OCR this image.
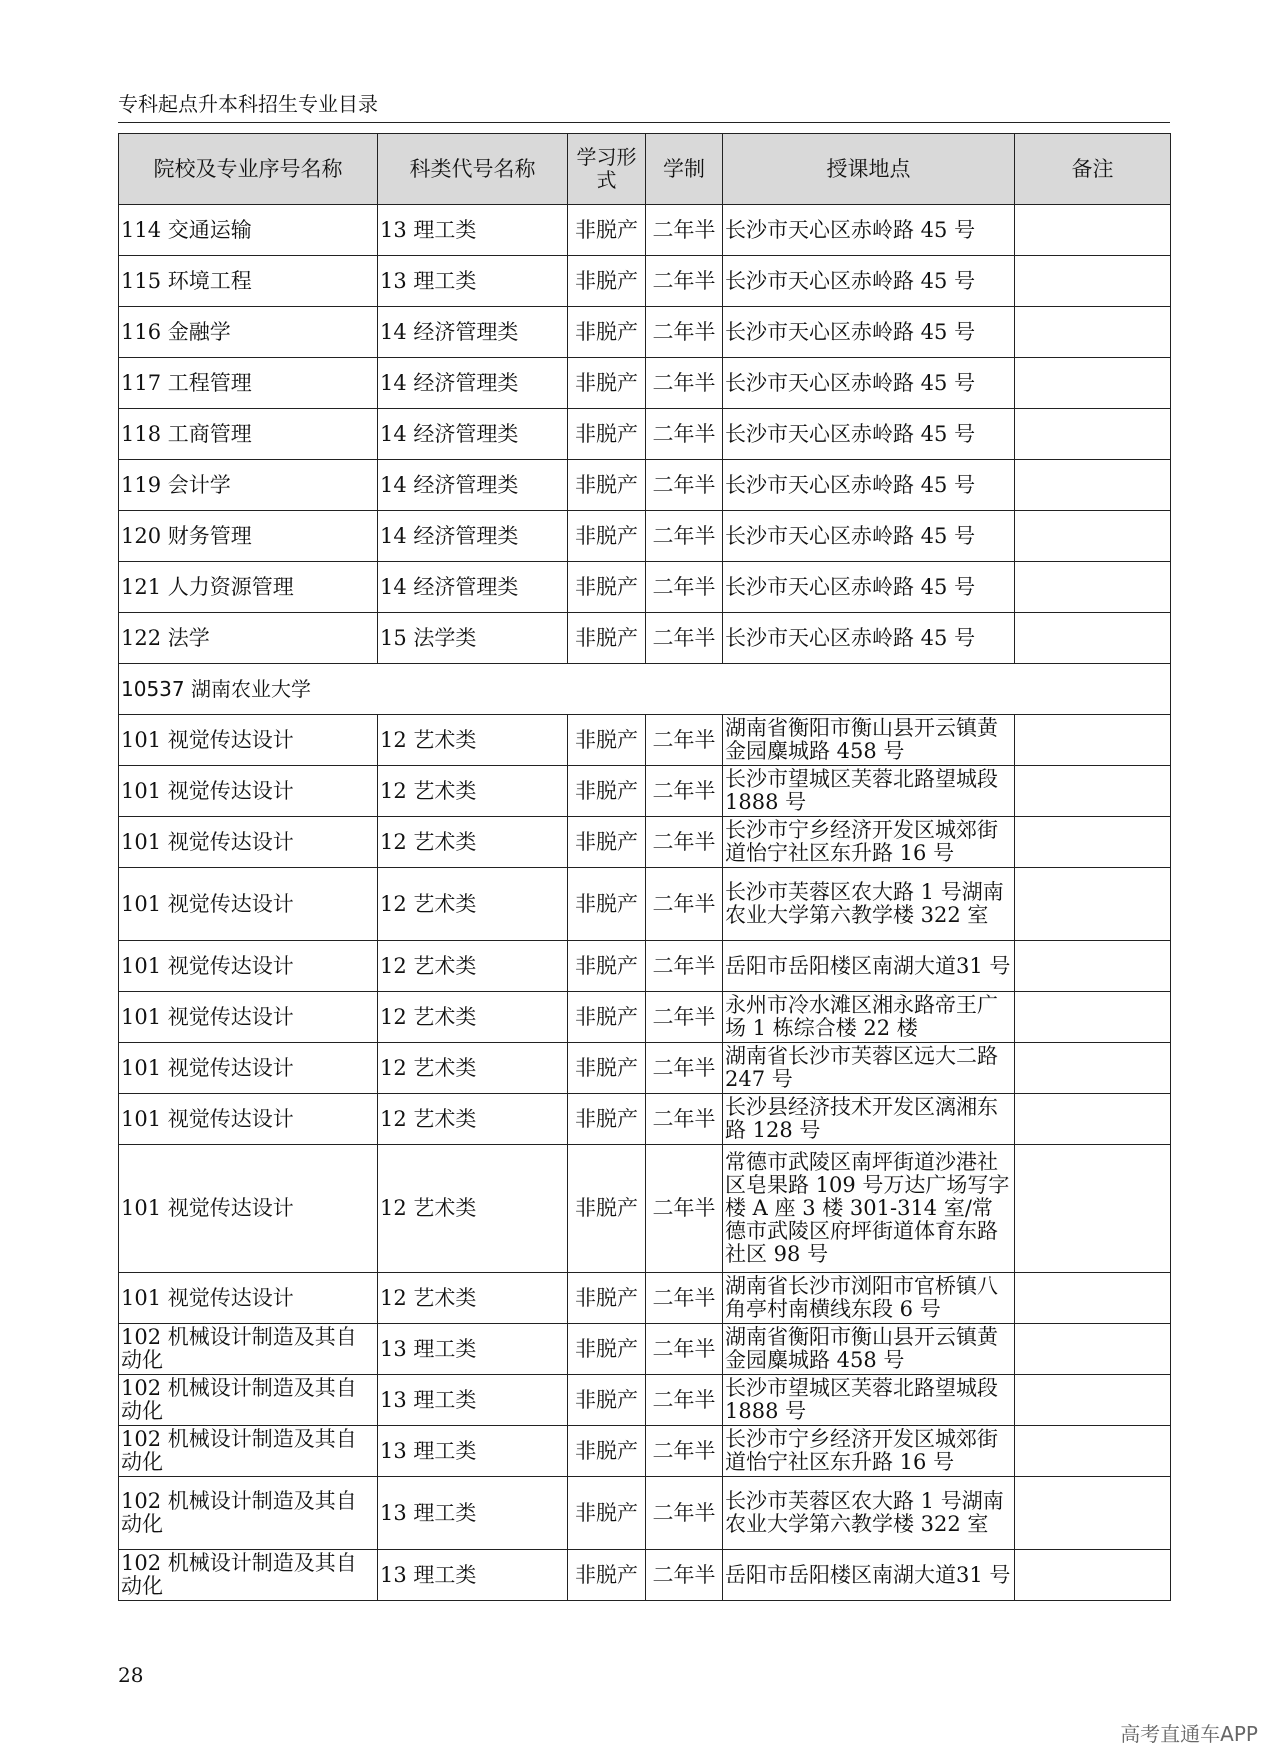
专科起点升本科招生专业目录
院校及专业序号名称	科类代号名称	学习形式	学制	授课地点	备注
114 交通运输	13 理工类	非脱产	二年半	长沙市天心区赤岭路 45 号	
115 环境工程	13 理工类	非脱产	二年半	长沙市天心区赤岭路 45 号	
116 金融学	14 经济管理类	非脱产	二年半	长沙市天心区赤岭路 45 号	
117 工程管理	14 经济管理类	非脱产	二年半	长沙市天心区赤岭路 45 号	
118 工商管理	14 经济管理类	非脱产	二年半	长沙市天心区赤岭路 45 号	
119 会计学	14 经济管理类	非脱产	二年半	长沙市天心区赤岭路 45 号	
120 财务管理	14 经济管理类	非脱产	二年半	长沙市天心区赤岭路 45 号	
121 人力资源管理	14 经济管理类	非脱产	二年半	长沙市天心区赤岭路 45 号	
122 法学	15 法学类	非脱产	二年半	长沙市天心区赤岭路 45 号	
10537 湖南农业大学					
101 视觉传达设计	12 艺术类	非脱产	二年半	湖南省衡阳市衡山县开云镇黄金园麋城路 458 号	
101 视觉传达设计	12 艺术类	非脱产	二年半	长沙市望城区芙蓉北路望城段 1888 号	
101 视觉传达设计	12 艺术类	非脱产	二年半	长沙市宁乡经济开发区城郊街道怡宁社区东升路 16 号	
101 视觉传达设计	12 艺术类	非脱产	二年半	长沙市芙蓉区农大路 1 号湖南农业大学第六教学楼 322 室	
101 视觉传达设计	12 艺术类	非脱产	二年半	岳阳市岳阳楼区南湖大道31 号	
101 视觉传达设计	12 艺术类	非脱产	二年半	永州市冷水滩区湘永路帝王广场 1 栋综合楼 22 楼	
101 视觉传达设计	12 艺术类	非脱产	二年半	湖南省长沙市芙蓉区远大二路 247 号	
101 视觉传达设计	12 艺术类	非脱产	二年半	长沙县经济技术开发区漓湘东路 128 号	
101 视觉传达设计	12 艺术类	非脱产	二年半	常德市武陵区南坪街道沙港社区皂果路 109 号万达广场写字楼 A 座 3 楼 301-314 室/常德市武陵区府坪街道体育东路社区 98 号	
101 视觉传达设计	12 艺术类	非脱产	二年半	湖南省长沙市浏阳市官桥镇八角亭村南横线东段 6 号	
102 机械设计制造及其自动化	13 理工类	非脱产	二年半	湖南省衡阳市衡山县开云镇黄金园麋城路 458 号	
102 机械设计制造及其自动化	13 理工类	非脱产	二年半	长沙市望城区芙蓉北路望城段 1888 号	
102 机械设计制造及其自动化	13 理工类	非脱产	二年半	长沙市宁乡经济开发区城郊街道怡宁社区东升路 16 号	
102 机械设计制造及其自动化	13 理工类	非脱产	二年半	长沙市芙蓉区农大路 1 号湖南农业大学第六教学楼 322 室	
102 机械设计制造及其自动化	13 理工类	非脱产	二年半	岳阳市岳阳楼区南湖大道31 号	
28
高考直通车APP
